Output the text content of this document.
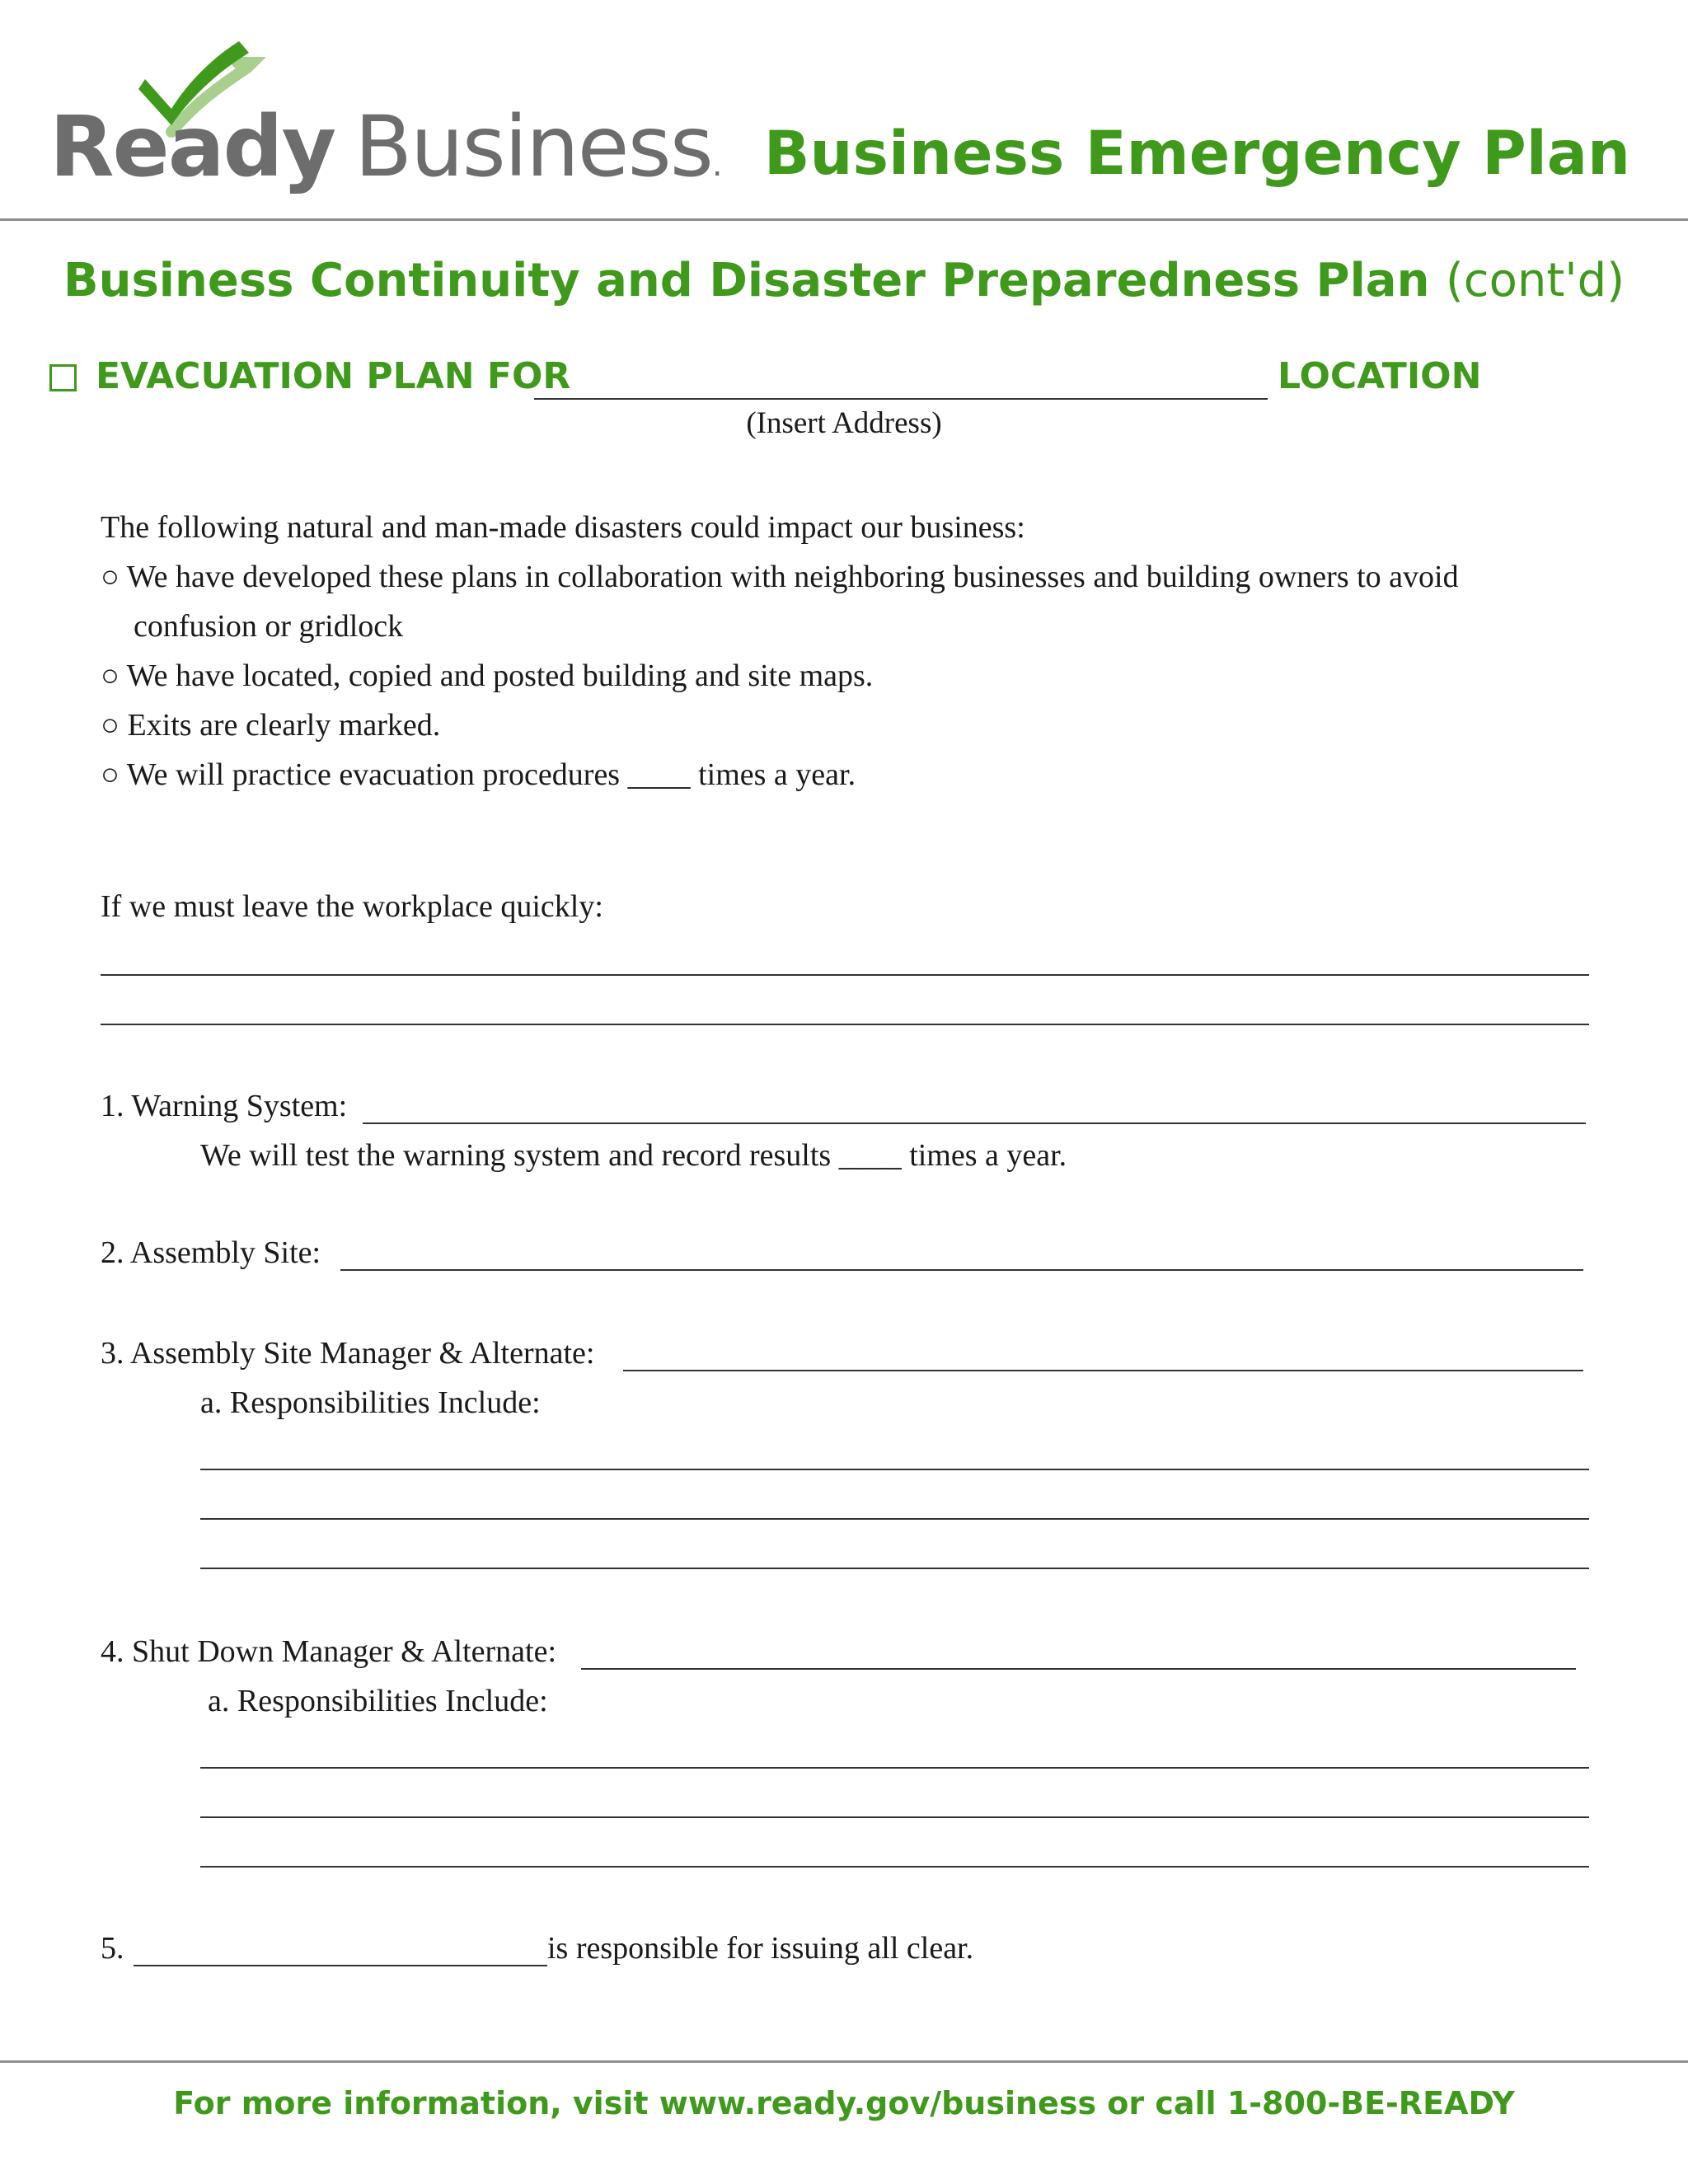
Ready Business. Business Emergency Plan
Business Continuity and Disaster Preparedness Plan (cont'd)
EVACUATION PLAN FOR	LOCATION
(Insert Address)
The following natural and man-made disasters could impact our business:
○ We have developed these plans in collaboration with neighboring businesses and building owners to avoid
confusion or gridlock
○ We have located, copied and posted building and site maps.
○ Exits are clearly marked.
○ We will practice evacuation procedures ____ times a year.
If we must leave the workplace quickly:
1. Warning System:
We will test the warning system and record results ____ times a year.
2. Assembly Site:
3. Assembly Site Manager & Alternate:
a. Responsibilities Include:
4. Shut Down Manager & Alternate:
a. Responsibilities Include:
5.	is responsible for issuing all clear.
For more information, visit www.ready.gov/business or call 1-800-BE-READY
